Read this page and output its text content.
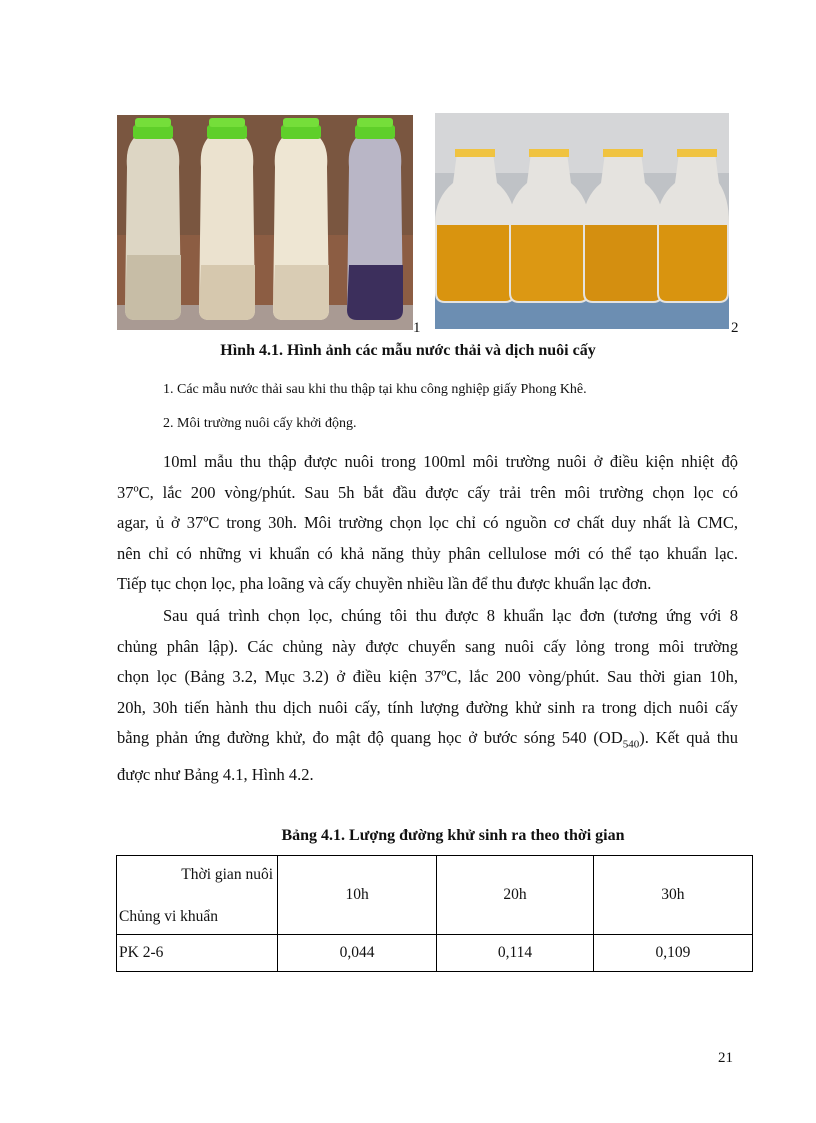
1	2
Hình 4.1. Hình ảnh các mẫu nước thải và dịch nuôi cấy
1. Các mẫu nước thải sau khi thu thập tại khu công nghiệp giấy Phong Khê.
2. Môi trường nuôi cấy khởi động.
10ml mẫu thu thập được nuôi trong 100ml môi trường nuôi ở điều kiện nhiệt độ
37ºC, lắc 200 vòng/phút. Sau 5h bắt đầu được cấy trải trên môi trường chọn lọc có
agar, ủ ở 37ºC trong 30h. Môi trường chọn lọc chỉ có nguồn cơ chất duy nhất là CMC,
nên chỉ có những vi khuẩn có khả năng thủy phân cellulose mới có thể tạo khuẩn lạc.
Tiếp tục chọn lọc, pha loãng và cấy chuyền nhiều lần để thu được khuẩn lạc đơn.
Sau quá trình chọn lọc, chúng tôi thu được 8 khuẩn lạc đơn (tương ứng với 8
chủng phân lập). Các chủng này được chuyển sang nuôi cấy lỏng trong môi trường
chọn lọc (Bảng 3.2, Mục 3.2) ở điều kiện 37ºC, lắc 200 vòng/phút. Sau thời gian 10h,
20h, 30h tiến hành thu dịch nuôi cấy, tính lượng đường khử sinh ra trong dịch nuôi cấy
bằng phản ứng đường khử, đo mật độ quang học ở bước sóng 540 $(OD_{540})$. Kết quả thu
được như Bảng 4.1, Hình 4.2.
Bảng 4.1. Lượng đường khử sinh ra theo thời gian
Thời gian nuôi
Chủng vi khuẩn	10h	20h	30h
PK 2-6	0,044	0,114	0,109
21
